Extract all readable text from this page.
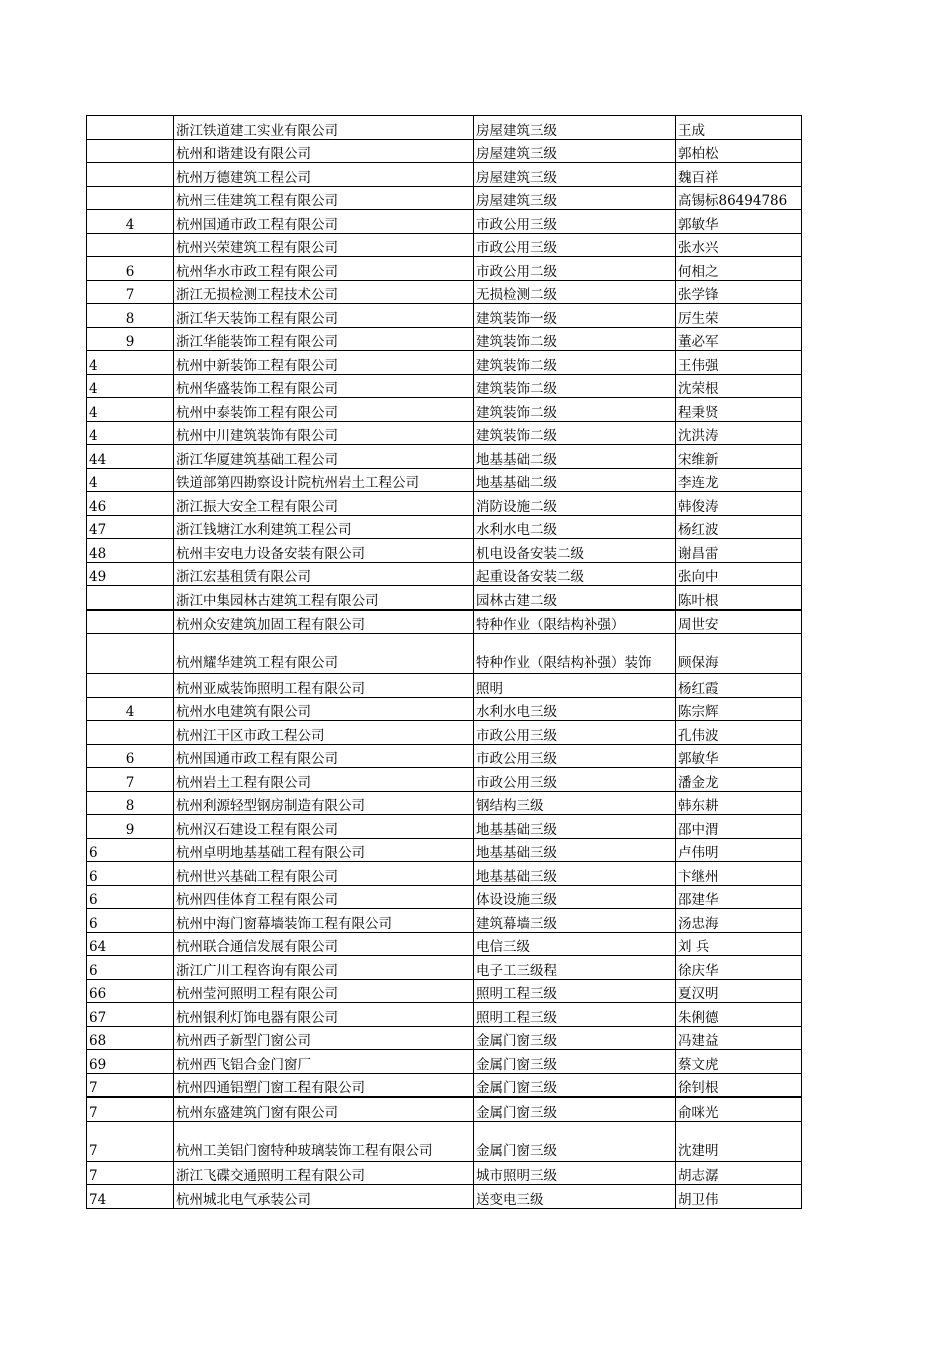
	浙江铁道建工实业有限公司	房屋建筑三级	王成
	杭州和谐建设有限公司	房屋建筑三级	郭柏松
	杭州万德建筑工程公司	房屋建筑三级	魏百祥
	杭州三佳建筑工程有限公司	房屋建筑三级	高锡标86494786
4	杭州国通市政工程有限公司	市政公用三级	郭敏华
	杭州兴荣建筑工程有限公司	市政公用三级	张水兴
6	杭州华水市政工程有限公司	市政公用二级	何相之
7	浙江无损检测工程技术公司	无损检测二级	张学锋
8	浙江华天装饰工程有限公司	建筑装饰一级	厉生荣
9	浙江华能装饰工程有限公司	建筑装饰二级	董必军
4	杭州中新装饰工程有限公司	建筑装饰二级	王伟强
4	杭州华盛装饰工程有限公司	建筑装饰二级	沈荣根
4	杭州中泰装饰工程有限公司	建筑装饰二级	程秉贤
4	杭州中川建筑装饰有限公司	建筑装饰二级	沈洪涛
44	浙江华厦建筑基础工程公司	地基基础二级	宋维新
4	铁道部第四勘察设计院杭州岩土工程公司	地基基础二级	李连龙
46	浙江振大安全工程有限公司	消防设施二级	韩俊涛
47	浙江钱塘江水利建筑工程公司	水利水电二级	杨红波
48	杭州丰安电力设备安装有限公司	机电设备安装二级	谢昌雷
49	浙江宏基租赁有限公司	起重设备安装二级	张向中
	浙江中集园林古建筑工程有限公司	园林古建二级	陈叶根
	杭州众安建筑加固工程有限公司	特种作业（限结构补强）	周世安
	杭州耀华建筑工程有限公司	特种作业（限结构补强）装饰	顾保海
	杭州亚威装饰照明工程有限公司	照明	杨红霞
4	杭州水电建筑有限公司	水利水电三级	陈宗辉
	杭州江干区市政工程公司	市政公用三级	孔伟波
6	杭州国通市政工程有限公司	市政公用三级	郭敏华
7	杭州岩土工程有限公司	市政公用三级	潘金龙
8	杭州利源轻型钢房制造有限公司	钢结构三级	韩东耕
9	杭州汉石建设工程有限公司	地基基础三级	邵中渭
6	杭州卓明地基基础工程有限公司	地基基础三级	卢伟明
6	杭州世兴基础工程有限公司	地基基础三级	卞继州
6	杭州四佳体育工程有限公司	体设设施三级	邵建华
6	杭州中海门窗幕墙装饰工程有限公司	建筑幕墙三级	汤忠海
64	杭州联合通信发展有限公司	电信三级	刘 兵
6	浙江广川工程咨询有限公司	电子工三级程	徐庆华
66	杭州莹河照明工程有限公司	照明工程三级	夏汉明
67	杭州银利灯饰电器有限公司	照明工程三级	朱俐德
68	杭州西子新型门窗公司	金属门窗三级	冯建益
69	杭州西飞铝合金门窗厂	金属门窗三级	蔡文虎
7	杭州四通铝塑门窗工程有限公司	金属门窗三级	徐钊根
7	杭州东盛建筑门窗有限公司	金属门窗三级	俞咪光
7	杭州工美铝门窗特种玻璃装饰工程有限公司	金属门窗三级	沈建明
7	浙江飞碟交通照明工程有限公司	城市照明三级	胡志潺
74	杭州城北电气承装公司	送变电三级	胡卫伟
